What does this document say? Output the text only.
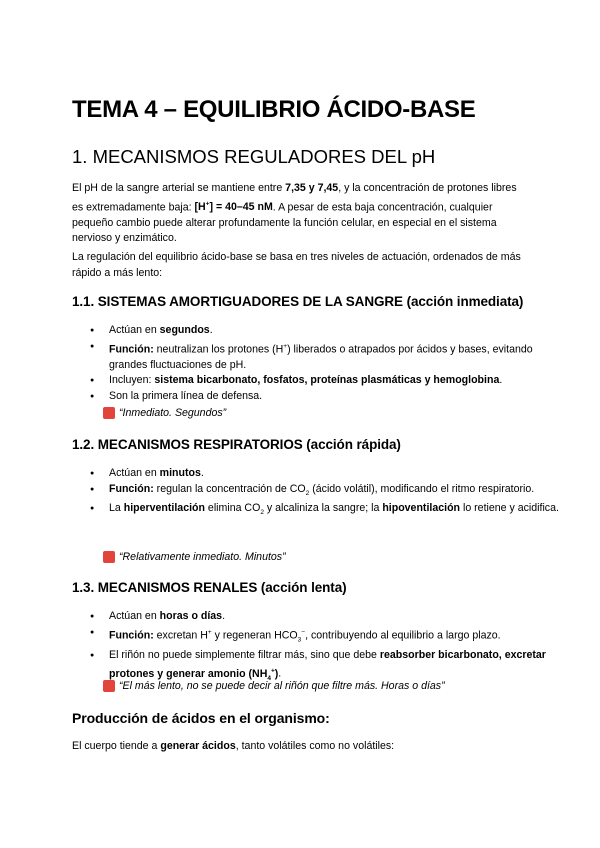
TEMA 4 – EQUILIBRIO ÁCIDO-BASE
1. MECANISMOS REGULADORES DEL pH

El pH de la sangre arterial se mantiene entre 7,35 y 7,45, y la concentración de protones libres es extremadamente baja: [H+] = 40–45 nM. A pesar de esta baja concentración, cualquier pequeño cambio puede alterar profundamente la función celular, en especial en el sistema nervioso y enzimático.

La regulación del equilibrio ácido-base se basa en tres niveles de actuación, ordenados de más rápido a más lento:

1.1. SISTEMAS AMORTIGUADORES DE LA SANGRE (acción inmediata)
● Actúan en segundos.
● Función: neutralizan los protones (H+) liberados o atrapados por ácidos y bases, evitando grandes fluctuaciones de pH.
● Incluyen: sistema bicarbonato, fosfatos, proteínas plasmáticas y hemoglobina.
● Son la primera línea de defensa.
“Inmediato. Segundos”
1.2. MECANISMOS RESPIRATORIOS (acción rápida)
● Actúan en minutos.
● Función: regulan la concentración de $CO_2$ (ácido volátil), modificando el ritmo respiratorio.
● La hiperventilación elimina $CO_2$ y alcaliniza la sangre; la hipoventilación lo retiene y acidifica.
“Relativamente inmediato. Minutos”
1.3. MECANISMOS RENALES (acción lenta)
● Actúan en horas o días.
● Función: excretan H+ y regeneran $HCO_3^-$, contribuyendo al equilibrio a largo plazo.
● El riñón no puede simplemente filtrar más, sino que debe reabsorber bicarbonato, excretar protones y generar amonio $(NH_4^+)$.
“El más lento, no se puede decir al riñón que filtre más. Horas o días”
Producción de ácidos en el organismo:

El cuerpo tiende a generar ácidos, tanto volátiles como no volátiles:
